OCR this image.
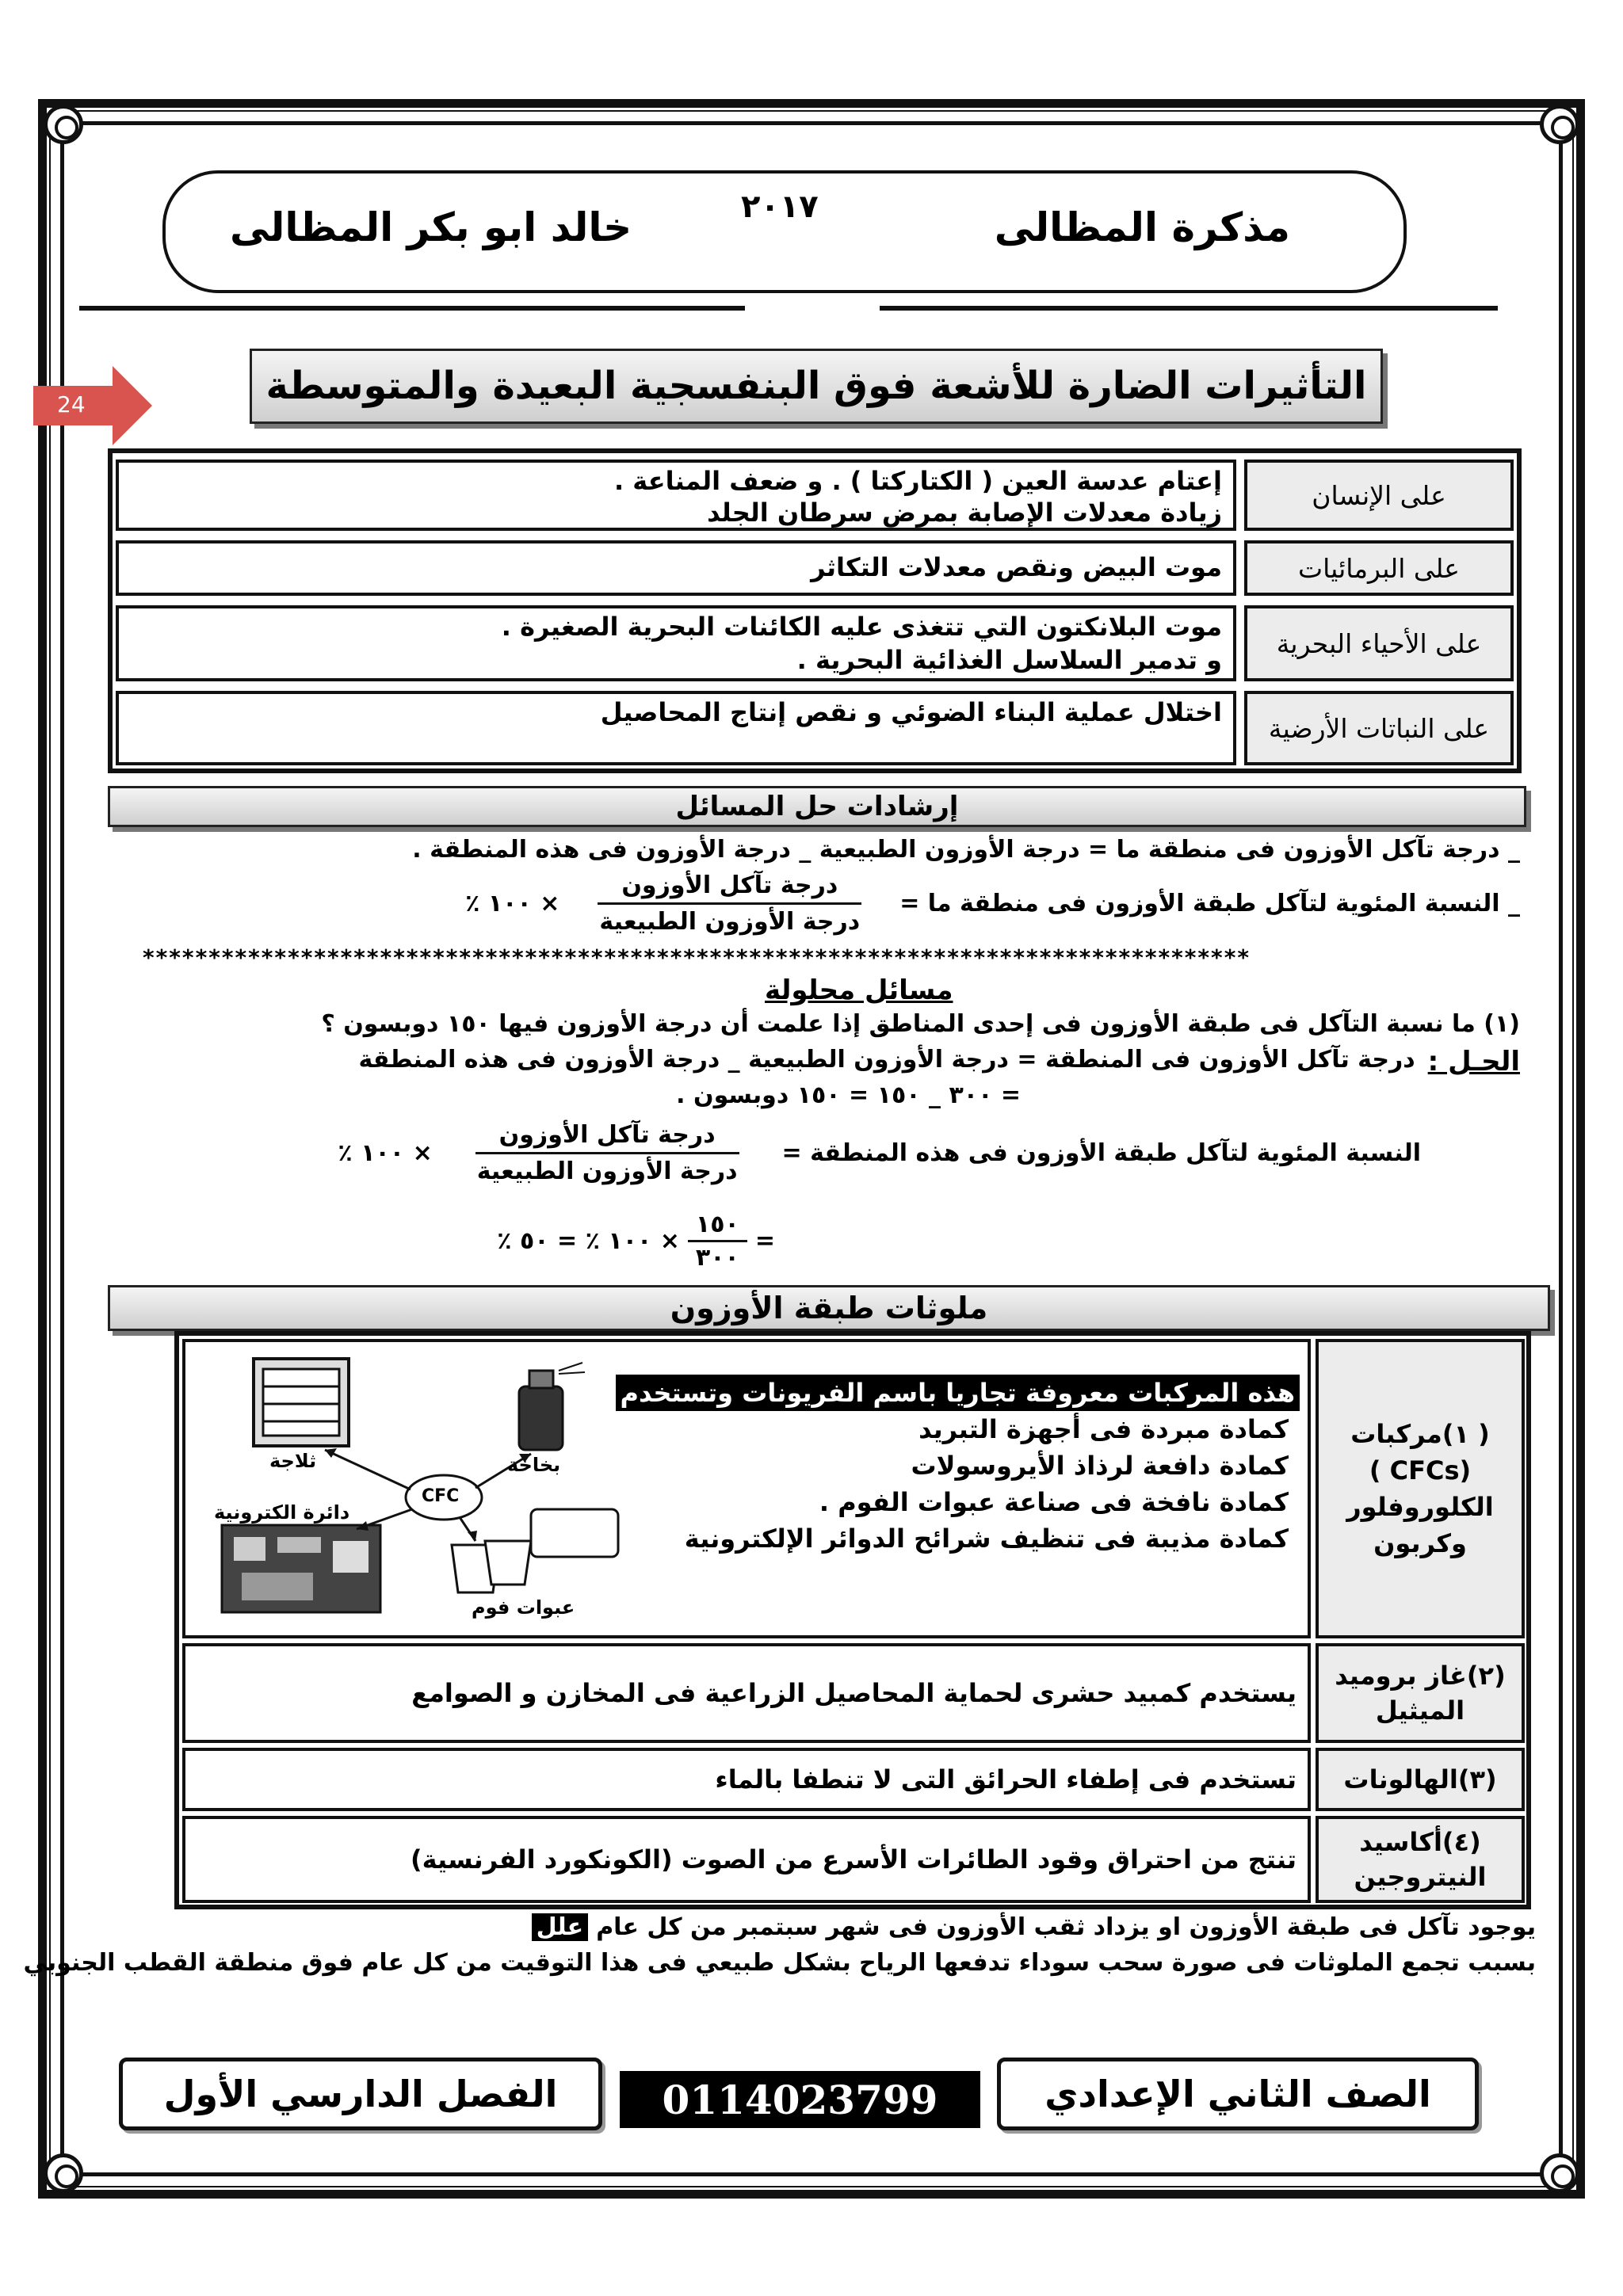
مذكرة المظالى
٢٠١٧
خالد ابو بكر المظالى
24	التأثيرات الضارة للأشعة فوق البنفسجية البعيدة والمتوسطة
على الإنسان
إعتام عدسة العين ( الكتاركتا ) . و ضعف المناعة .
زيادة معدلات الإصابة بمرض سرطان الجلد
على البرمائيات
موت البيض ونقص معدلات التكاثر
على الأحياء البحرية
موت البلانكتون التي تتغذى عليه الكائنات البحرية الصغيرة .
و تدمير السلاسل الغذائية البحرية .
على النباتات الأرضية
اختلال عملية البناء الضوئي و نقص إنتاج المحاصيل
إرشادات حل المسائل
_ درجة تآكل الأوزون فى منطقة ما = درجة الأوزون الطبيعية _ درجة الأوزون فى هذه المنطقة .
_ النسبة المئوية لتآكل طبقة الأوزون فى منطقة ما =
$\frac{\text{درجة تآكل الأوزون}}{\text{درجة الأوزون الطبيعية}}$
× ١٠٠ ٪
************************************************************************************
مسائل محلولة
(١) ما نسبة التآكل فى طبقة الأوزون فى إحدى المناطق إذا علمت أن درجة الأوزون فيها ١٥٠ دوبسون ؟
الحـل :
درجة تآكل الأوزون فى المنطقة = درجة الأوزون الطبيعية _ درجة الأوزون فى هذه المنطقة
= ٣٠٠ _ ١٥٠ = ١٥٠ دوبسون .
النسبة المئوية لتآكل طبقة الأوزون فى هذه المنطقة =
$\frac{\text{درجة تآكل الأوزون}}{\text{درجة الأوزون الطبيعية}}$
× ١٠٠ ٪
=
$\frac{١٥٠}{٣٠٠}$
× ١٠٠ ٪ = ٥٠ ٪
ملوثات طبقة الأوزون
( ١)مركبات (CFCs ) الكلوروفلور وكربون
هذه المركبات معروفة تجاريا باسم الفريونات وتستخدم
كمادة مبردة فى أجهزة التبريد
كمادة دافعة لرذاذ الأيروسولات
كمادة نافخة فى صناعة عبوات الفوم .
كمادة مذيبة فى تنظيف شرائح الدوائر الإلكترونية
CFC
ثلاجة	بخاخة
دائرة الكترونية
عبوات فوم
(٢)غاز بروميد الميثيل
يستخدم كمبيد حشرى لحماية المحاصيل الزراعية فى المخازن و الصوامع
(٣)الهالونات
تستخدم فى إطفاء الحرائق التى لا تنطفا بالماء
(٤)أكاسيد النيتروجين
تنتج من احتراق وقود الطائرات الأسرع من الصوت (الكونكورد الفرنسية)
يوجود تآكل فى طبقة الأوزون او يزداد ثقب الأوزون فى شهر سبتمبر من كل عام
علل
بسبب تجمع الملوثات فى صورة سحب سوداء تدفعها الرياح بشكل طبيعي فى هذا التوقيت من كل عام فوق منطقة القطب الجنوبي
الصف الثاني الإعدادي
0114023799
الفصل الدارسي الأول
